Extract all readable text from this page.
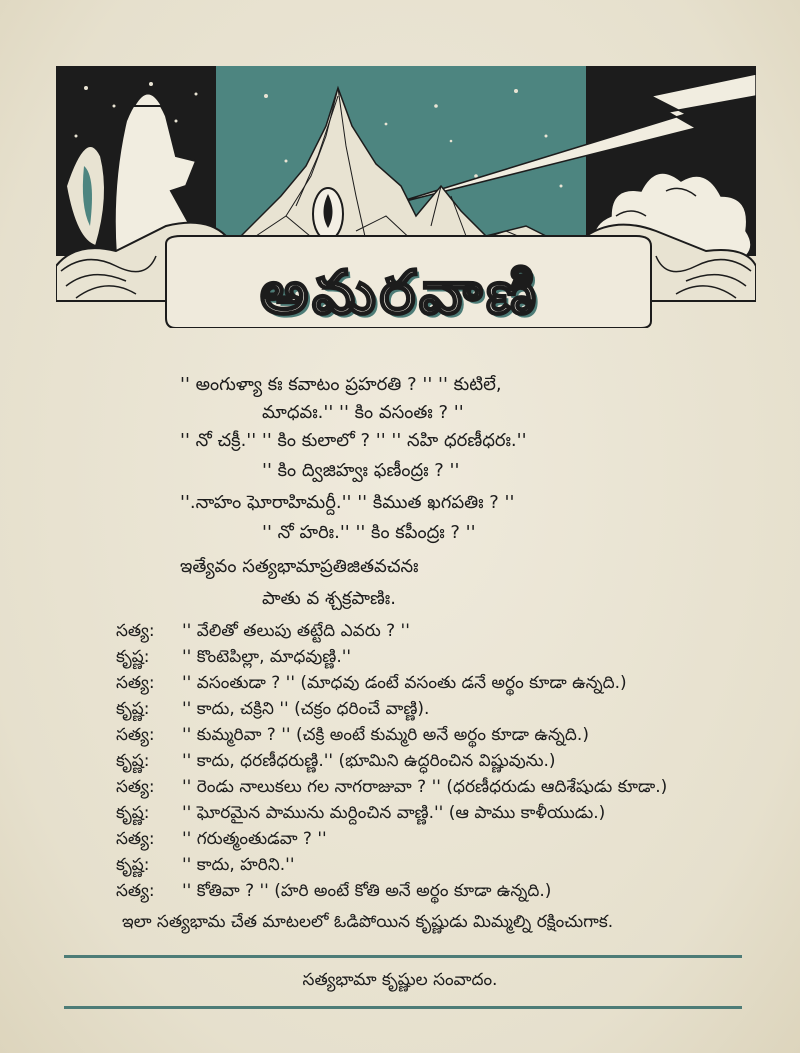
అమరవాణి
'' అంగుళ్యా కః కవాటం ప్రహరతి ? '' '' కుటిలే,
మాధవః.'' '' కిం వసంతః ? ''
'' నో చక్రీ.'' '' కిం కులాలో ? '' '' నహి ధరణీధరః.''
'' కిం ద్విజిహ్వః ఫణీంద్రః ? ''
''.నాహం ఘోరాహిమర్దీ.'' '' కిముత ఖగపతిః ? ''
'' నో హరిః.'' '' కిం కపీంద్రః ? ''
ఇత్యేవం సత్యభామాప్రతిజితవచనః
పాతు వ శ్చక్రపాణిః.
సత్య: '' వేలితో తలుపు తట్టేది ఎవరు ? ''
కృష్ణ: '' కొంటెపిల్లా, మాధవుణ్ణి.''
సత్య: '' వసంతుడా ? '' (మాధవు డంటే వసంతు డనే అర్థం కూడా ఉన్నది.)
కృష్ణ: '' కాదు, చక్రిని '' (చక్రం ధరించే వాణ్ణి).
సత్య: '' కుమ్మరివా ? '' (చక్రి అంటే కుమ్మరి అనే అర్థం కూడా ఉన్నది.)
కృష్ణ: '' కాదు, ధరణీధరుణ్ణి.'' (భూమిని ఉద్ధరించిన విష్ణువును.)
సత్య: '' రెండు నాలుకలు గల నాగరాజువా ? '' (ధరణీధరుడు ఆదిశేషుడు కూడా.)
కృష్ణ: '' ఘోరమైన పామును మర్దించిన వాణ్ణి.'' (ఆ పాము కాళీయుడు.)
సత్య: '' గరుత్మంతుడవా ? ''
కృష్ణ: '' కాదు, హరిని.''
సత్య: '' కోతివా ? '' (హరి అంటే కోతి అనే అర్థం కూడా ఉన్నది.)
ఇలా సత్యభామ చేత మాటలలో ఓడిపోయిన కృష్ణుడు మిమ్మల్ని రక్షించుగాక.
సత్యభామా కృష్ణుల సంవాదం.
